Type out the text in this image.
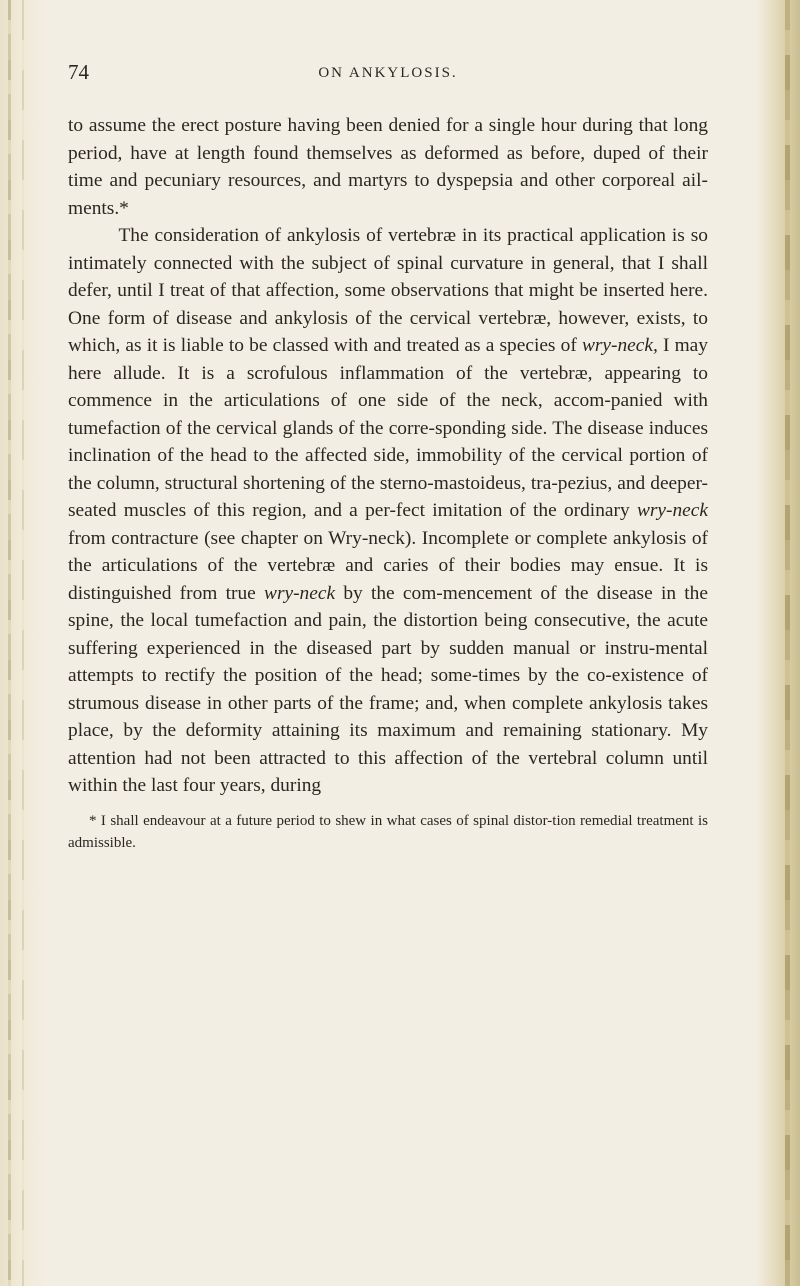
74	ON ANKYLOSIS.

to assume the erect posture having been denied for a single hour during that long period, have at length found themselves as deformed as before, duped of their time and pecuniary resources, and martyrs to dyspepsia and other corporeal ail-ments.*

The consideration of ankylosis of vertebræ in its practical application is so intimately connected with the subject of spinal curvature in general, that I shall defer, until I treat of that affection, some observations that might be inserted here. One form of disease and ankylosis of the cervical vertebræ, however, exists, to which, as it is liable to be classed with and treated as a species of wry-neck, I may here allude. It is a scrofulous inflammation of the vertebræ, appearing to commence in the articulations of one side of the neck, accom-panied with tumefaction of the cervical glands of the corre-sponding side. The disease induces inclination of the head to the affected side, immobility of the cervical portion of the column, structural shortening of the sterno-mastoideus, tra-pezius, and deeper-seated muscles of this region, and a per-fect imitation of the ordinary wry-neck from contracture (see chapter on Wry-neck). Incomplete or complete ankylosis of the articulations of the vertebræ and caries of their bodies may ensue. It is distinguished from true wry-neck by the com-mencement of the disease in the spine, the local tumefaction and pain, the distortion being consecutive, the acute suffering experienced in the diseased part by sudden manual or instru-mental attempts to rectify the position of the head; some-times by the co-existence of strumous disease in other parts of the frame; and, when complete ankylosis takes place, by the deformity attaining its maximum and remaining stationary. My attention had not been attracted to this affection of the vertebral column until within the last four years, during

* I shall endeavour at a future period to shew in what cases of spinal distor-tion remedial treatment is admissible.
